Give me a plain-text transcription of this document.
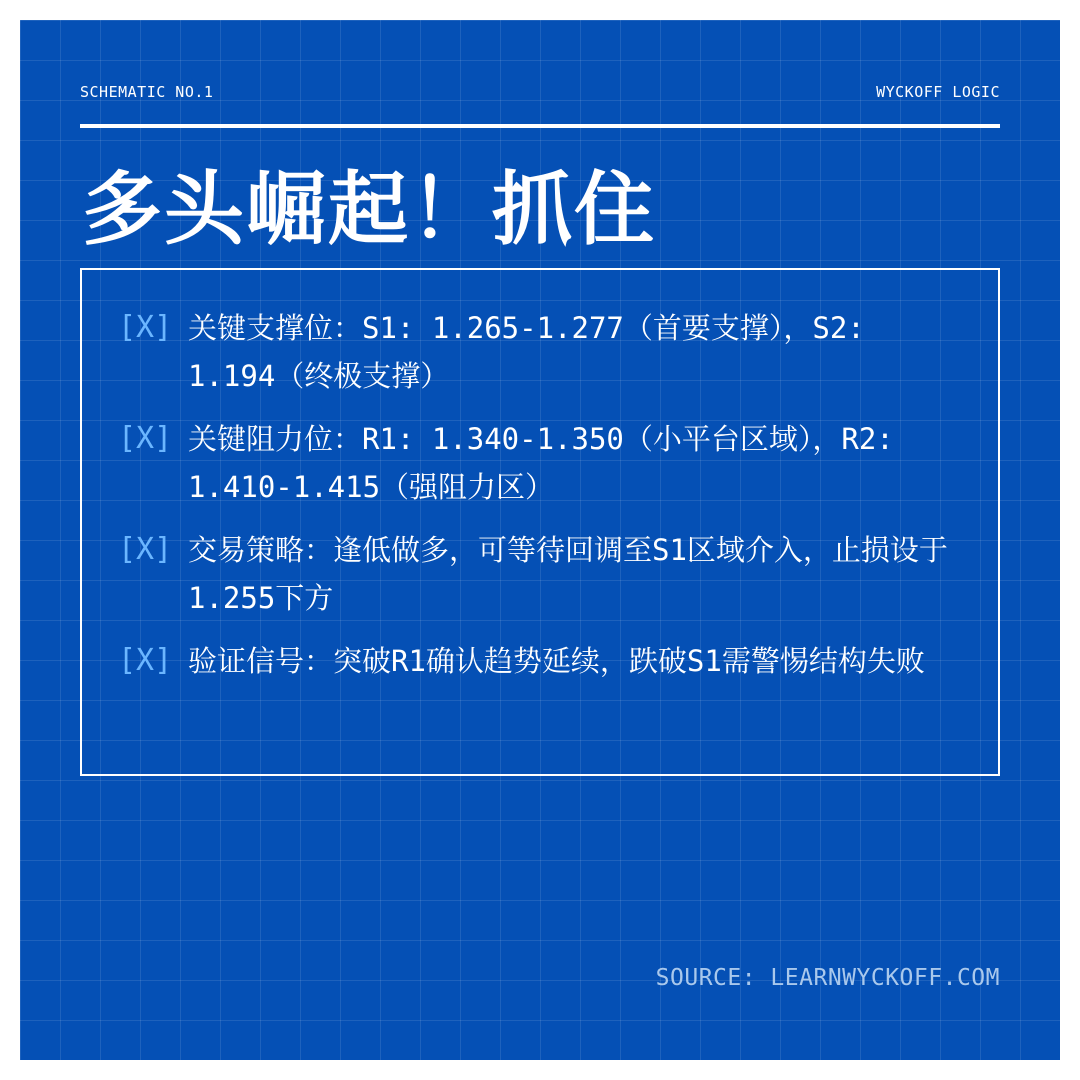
SCHEMATIC NO.1	WYCKOFF LOGIC
多头崛起！抓住
[X] 关键支撑位：S1: 1.265-1.277（首要支撑），S2: 1.194（终极支撑）
[X] 关键阻力位：R1: 1.340-1.350（小平台区域），R2: 1.410-1.415（强阻力区）
[X] 交易策略：逢低做多，可等待回调至S1区域介入，止损设于1.255下方
[X] 验证信号：突破R1确认趋势延续，跌破S1需警惕结构失败
SOURCE: LEARNWYCKOFF.COM
